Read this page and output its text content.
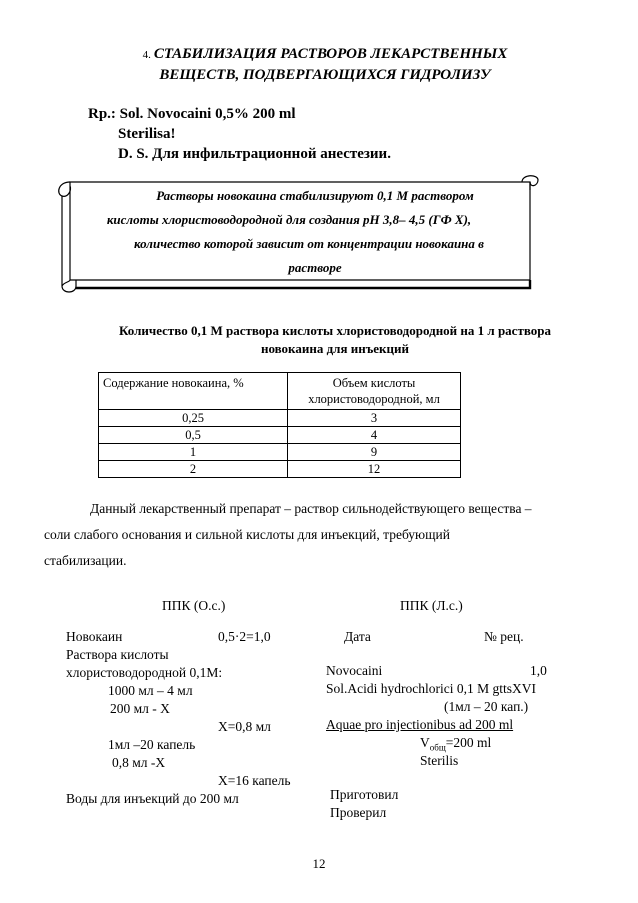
4. СТАБИЛИЗАЦИЯ РАСТВОРОВ ЛЕКАРСТВЕННЫХ
ВЕЩЕСТВ, ПОДВЕРГАЮЩИХСЯ ГИДРОЛИЗУ
Rp.: Sol. Novocaini 0,5% 200 ml
Sterilisa!
D. S. Для инфильтрационной анестезии.
Растворы новокаина стабилизируют 0,1 М раствором
кислоты хлористоводородной для создания рН 3,8– 4,5 (ГФ Х),
количество которой зависит от концентрации новокаина в
растворе
Количество 0,1 М раствора кислоты хлористоводородной на 1 л раствора
новокаина для инъекций
Содержание новокаина, %	Объем кислоты
хлористоводородной, мл
0,25	3
0,5	4
1	9
2	12
Данный лекарственный препарат – раствор сильнодействующего вещества –
соли слабого основания и сильной кислоты для инъекций, требующий
стабилизации.
ППК (О.с.)	ППК (Л.с.)
Новокаин	0,5·2=1,0
Раствора кислоты
хлористоводородной 0,1М:
1000 мл – 4 мл
200 мл - Х
Х=0,8 мл
1мл –20 капель
0,8 мл -Х
Х=16 капель
Воды для инъекций до 200 мл
Дата	№ рец.
Novocaini	1,0
Sol.Acidi hydrochlorici 0,1 M gttsXVI
(1мл – 20 кап.)
Aquae pro injectionibus ad 200 ml
$V_{общ}=200$ ml
Sterilis
Приготовил
Проверил
12
